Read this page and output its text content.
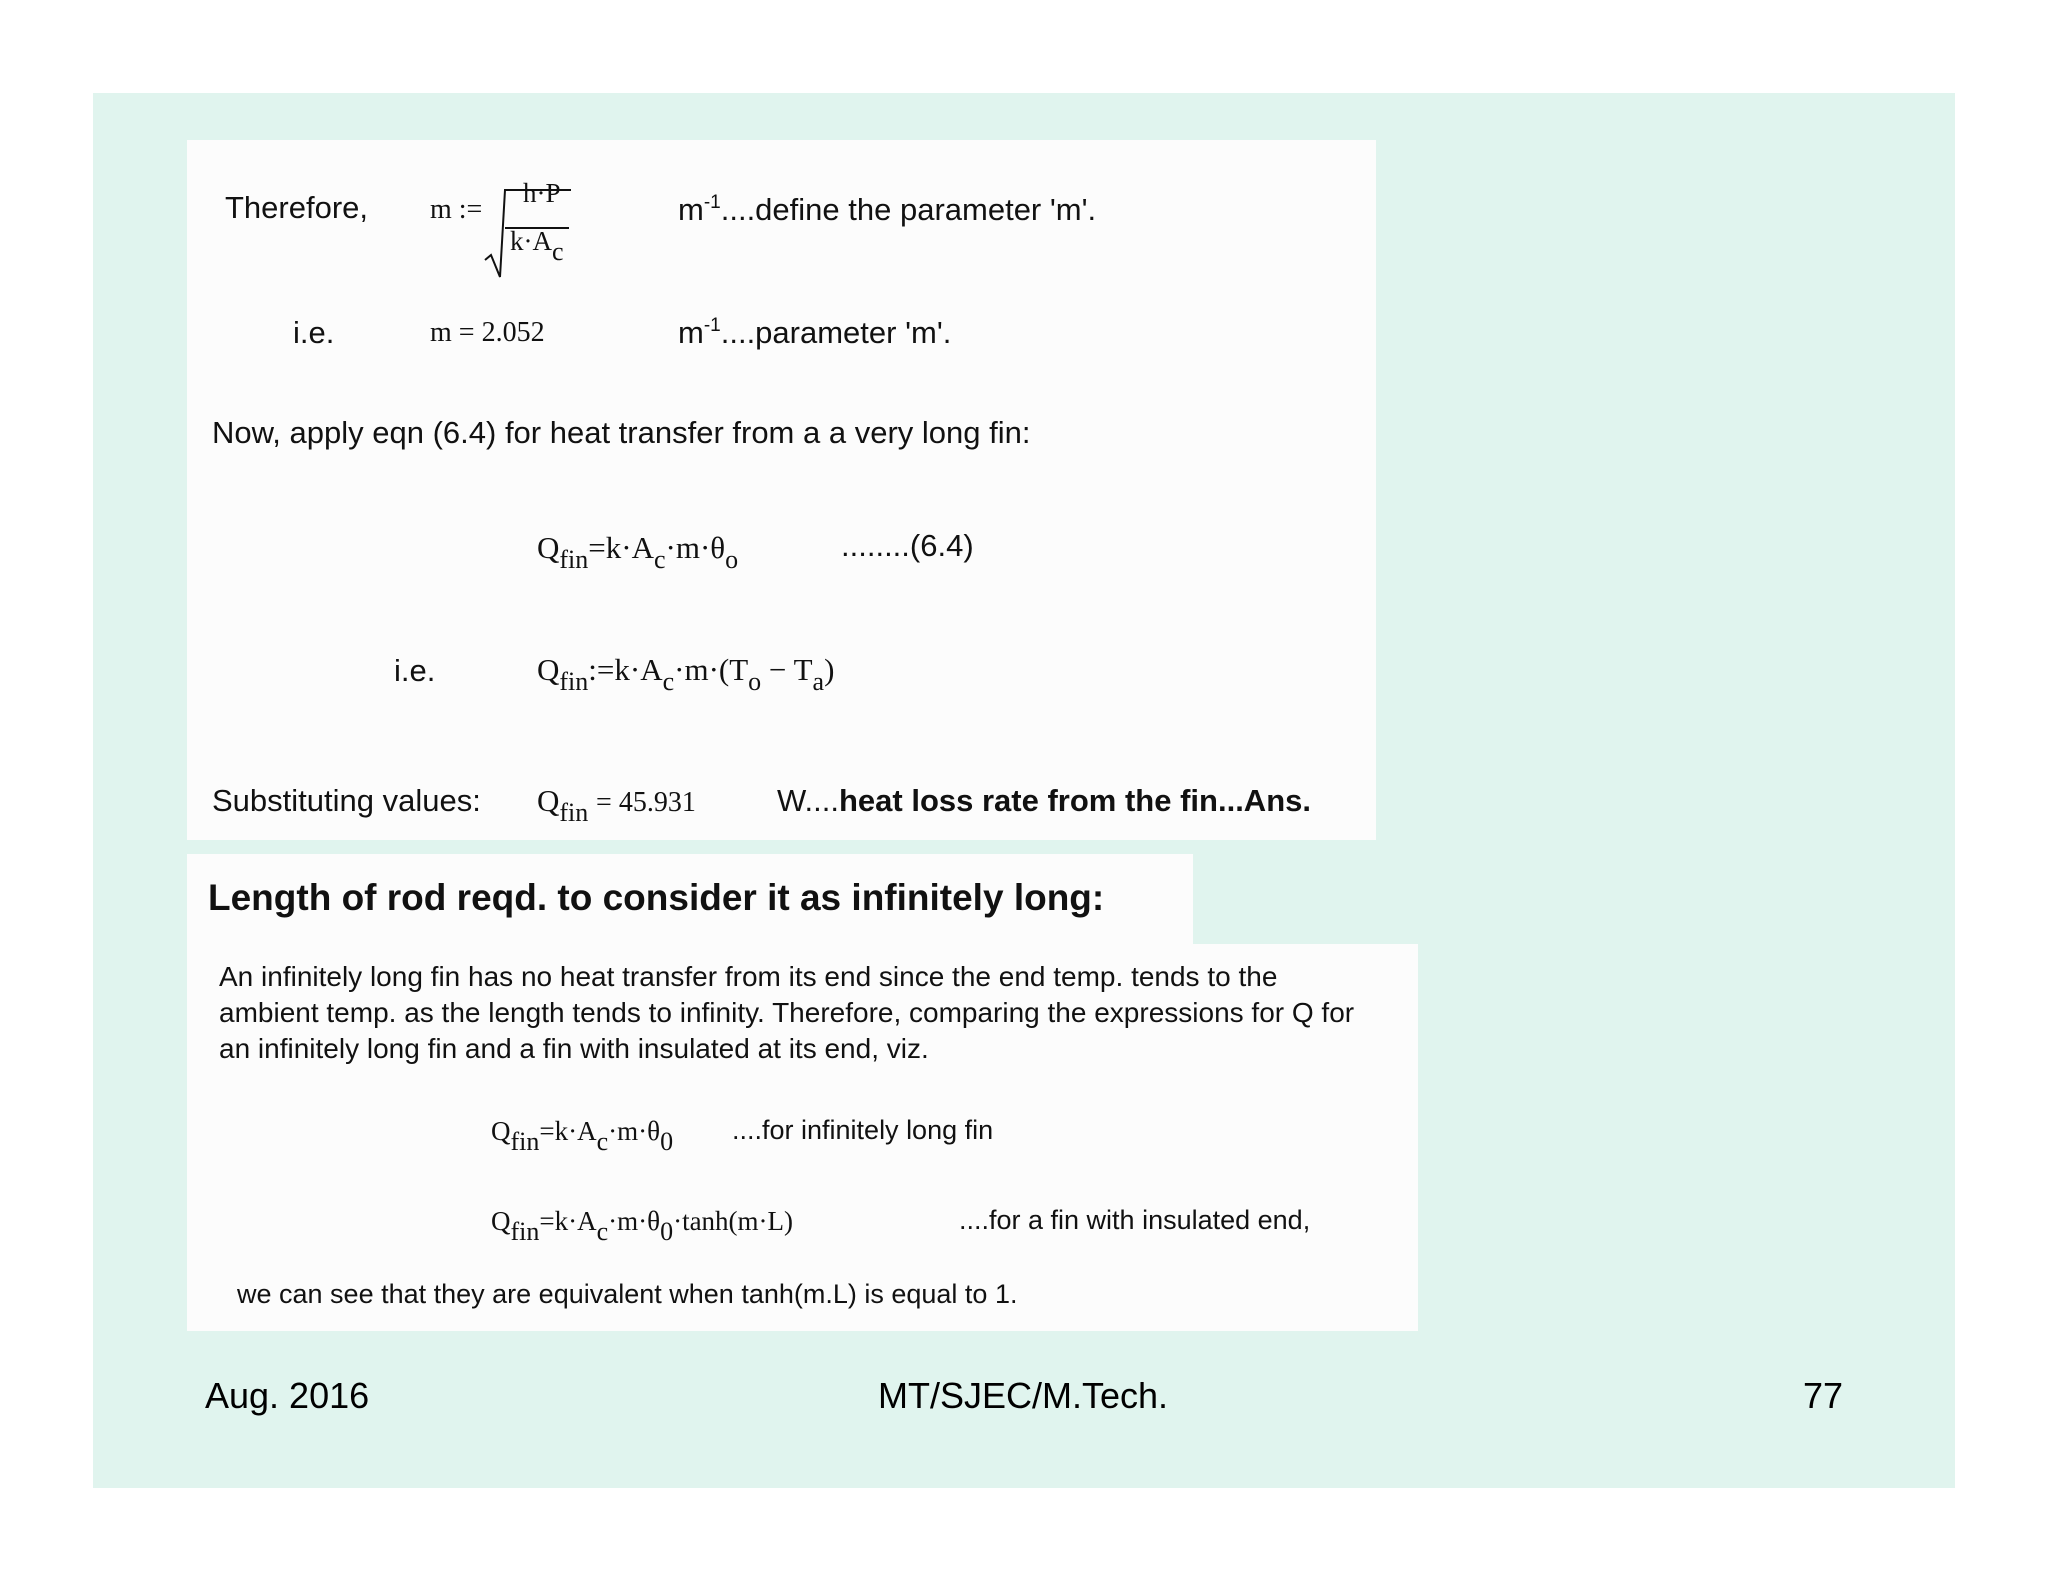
Therefore, m :=
h·P
k·Ac
$m^{-1}....define$ the parameter 'm'.
i.e.	m = 2.052	$m^{-1}....parameter$ 'm'.
Now, apply eqn (6.4) for heat transfer from a a very long fin:
$Q_{fin}=k\cdot A_c\cdot m\cdot\theta_o$	........(6.4)
i.e.	$Q_{fin}:=k\cdot A_c\cdot m\cdot(T_o - T_a)$
Substituting values: $Q_{fin} = 45.931$	W....heat loss rate from the fin...Ans.
Length of rod reqd. to consider it as infinitely long:
An infinitely long fin has no heat transfer from its end since the end temp. tends to the
ambient temp. as the length tends to infinity. Therefore, comparing the expressions for Q for
an infinitely long fin and a fin with insulated at its end, viz.
Qfin=k·Ac·m·θ0 ....for infinitely long fin
Qfin=k·Ac·m·θ0·tanh(m·L)	....for a fin with insulated end,
we can see that they are equivalent when tanh(m.L) is equal to 1.
Aug. 2016	MT/SJEC/M.Tech.	77
